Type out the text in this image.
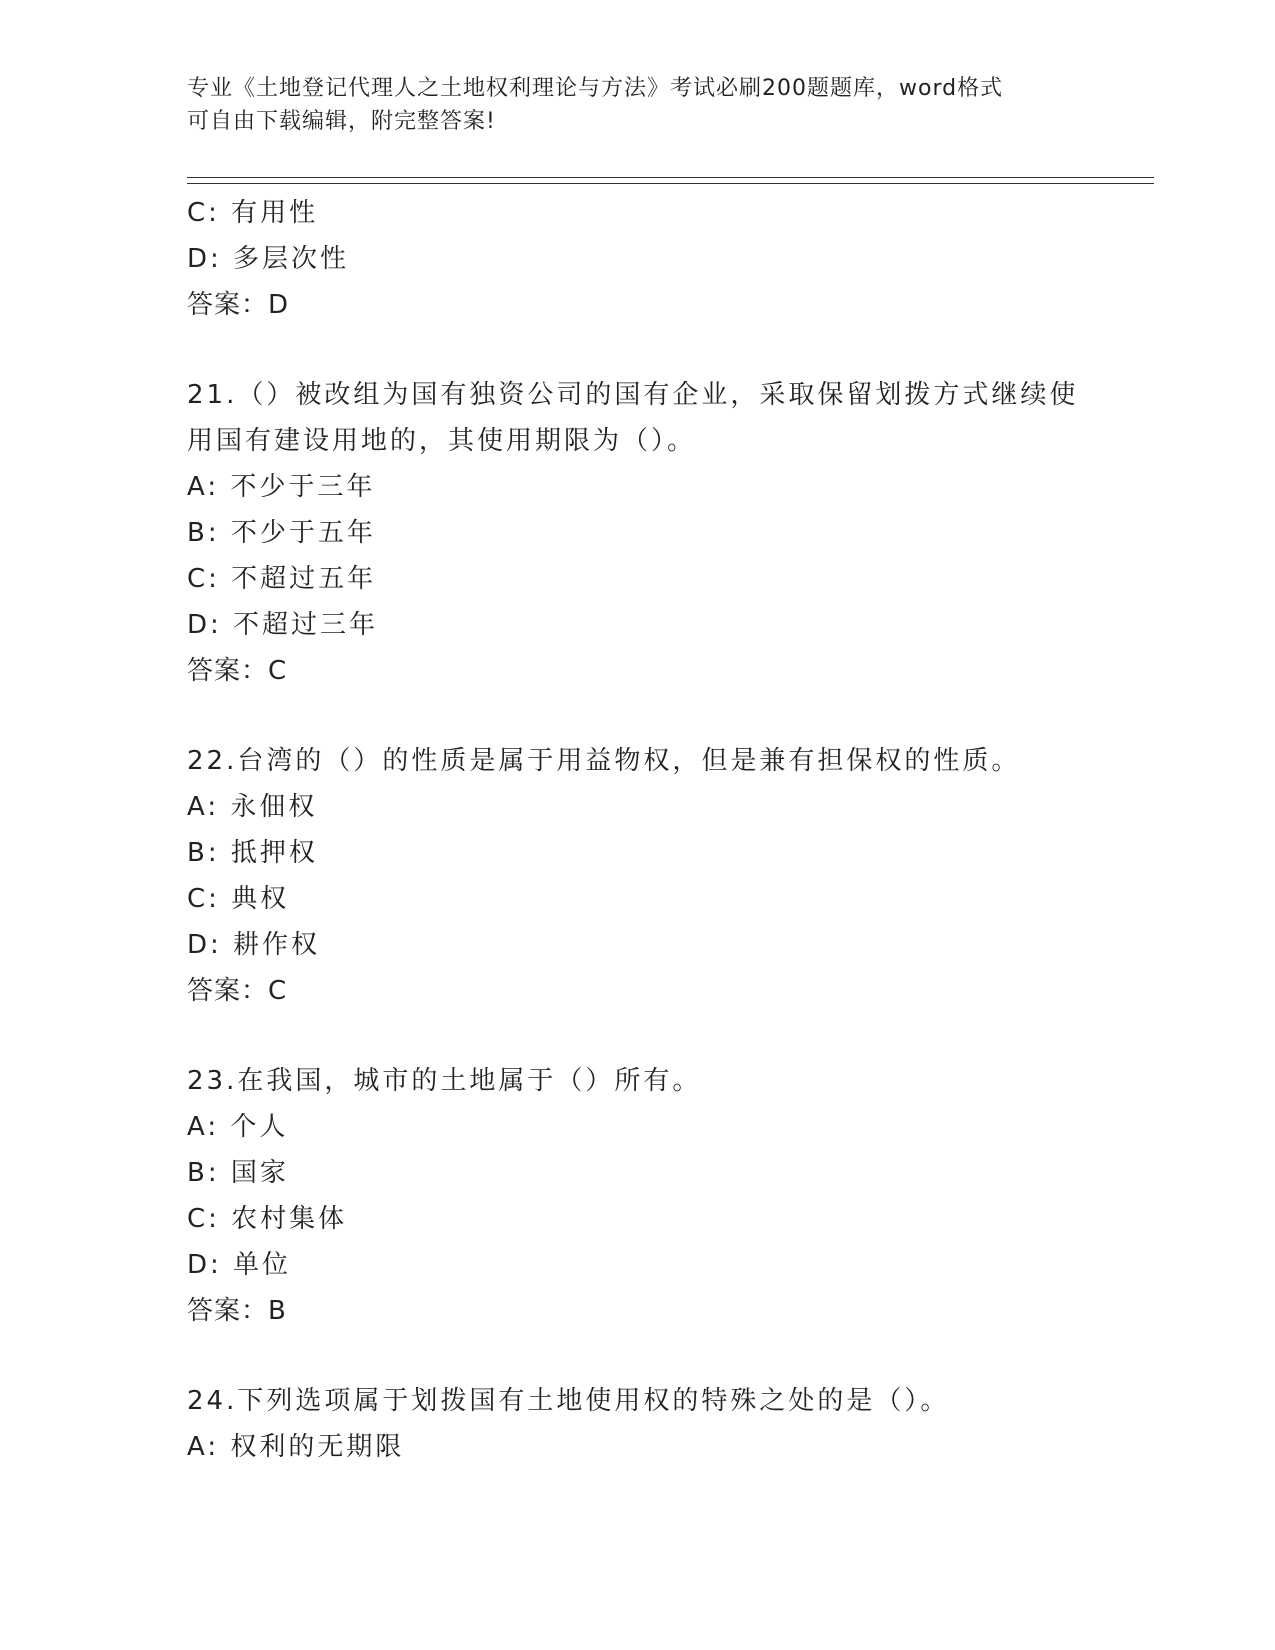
专业《土地登记代理人之土地权利理论与方法》考试必刷200题题库，word格式
可自由下载编辑，附完整答案!
C: 有用性
D: 多层次性
答案：D
21.（）被改组为国有独资公司的国有企业，采取保留划拨方式继续使
用国有建设用地的，其使用期限为（）。
A: 不少于三年
B: 不少于五年
C: 不超过五年
D: 不超过三年
答案：C
22.台湾的（）的性质是属于用益物权，但是兼有担保权的性质。
A: 永佃权
B: 抵押权
C: 典权
D: 耕作权
答案：C
23.在我国，城市的土地属于（）所有。
A: 个人
B: 国家
C: 农村集体
D: 单位
答案：B
24.下列选项属于划拨国有土地使用权的特殊之处的是（）。
A: 权利的无期限
